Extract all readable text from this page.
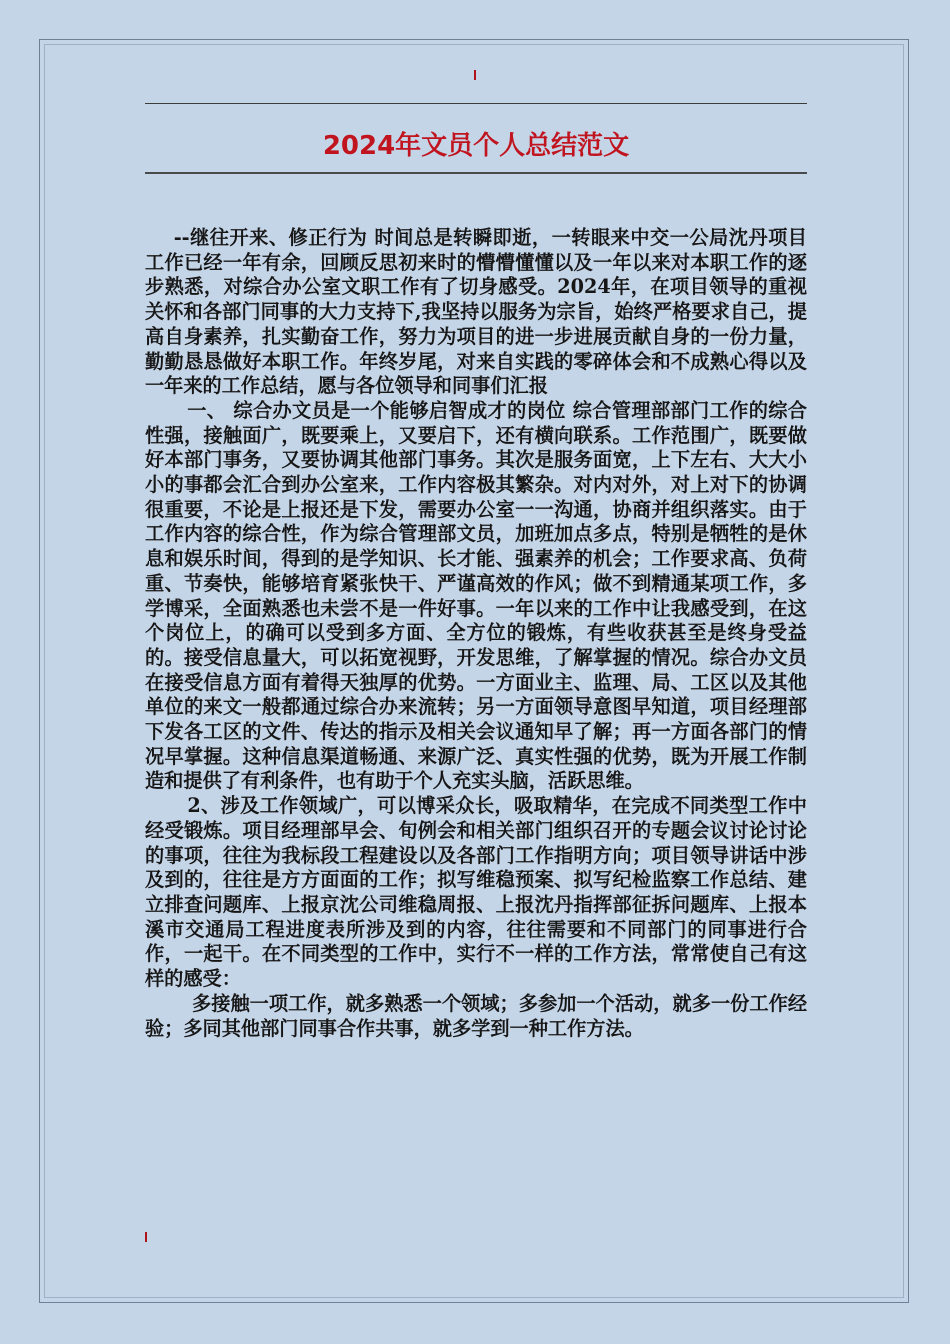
2024年文员个人总结范文

--继往开来、修正行为 时间总是转瞬即逝，一转眼来中交一公局沈丹项目工作已经一年有余，回顾反思初来时的懵懵懂懂以及一年以来对本职工作的逐步熟悉，对综合办公室文职工作有了切身感受。2024年，在项目领导的重视关怀和各部门同事的大力支持下,我坚持以服务为宗旨，始终严格要求自己，提高自身素养，扎实勤奋工作，努力为项目的进一步进展贡献自身的一份力量，勤勤恳恳做好本职工作。年终岁尾，对来自实践的零碎体会和不成熟心得以及一年来的工作总结，愿与各位领导和同事们汇报

一、 综合办文员是一个能够启智成才的岗位 综合管理部部门工作的综合性强，接触面广，既要乘上，又要启下，还有横向联系。工作范围广，既要做好本部门事务，又要协调其他部门事务。其次是服务面宽，上下左右、大大小小的事都会汇合到办公室来，工作内容极其繁杂。对内对外，对上对下的协调很重要，不论是上报还是下发，需要办公室一一沟通，协商并组织落实。由于工作内容的综合性，作为综合管理部文员，加班加点多点，特别是牺牲的是休息和娱乐时间，得到的是学知识、长才能、强素养的机会；工作要求高、负荷重、节奏快，能够培育紧张快干、严谨高效的作风；做不到精通某项工作，多学博采，全面熟悉也未尝不是一件好事。一年以来的工作中让我感受到，在这个岗位上，的确可以受到多方面、全方位的锻炼，有些收获甚至是终身受益的。接受信息量大，可以拓宽视野，开发思维，了解掌握的情况。综合办文员在接受信息方面有着得天独厚的优势。一方面业主、监理、局、工区以及其他单位的来文一般都通过综合办来流转；另一方面领导意图早知道，项目经理部下发各工区的文件、传达的指示及相关会议通知早了解；再一方面各部门的情况早掌握。这种信息渠道畅通、来源广泛、真实性强的优势，既为开展工作制造和提供了有利条件，也有助于个人充实头脑，活跃思维。

2、涉及工作领域广，可以博采众长，吸取精华，在完成不同类型工作中经受锻炼。项目经理部早会、旬例会和相关部门组织召开的专题会议讨论讨论的事项，往往为我标段工程建设以及各部门工作指明方向；项目领导讲话中涉及到的，往往是方方面面的工作；拟写维稳预案、拟写纪检监察工作总结、建立排查问题库、上报京沈公司维稳周报、上报沈丹指挥部征拆问题库、上报本溪市交通局工程进度表所涉及到的内容，往往需要和不同部门的同事进行合作，一起干。在不同类型的工作中，实行不一样的工作方法，常常使自己有这样的感受：

多接触一项工作，就多熟悉一个领域；多参加一个活动，就多一份工作经验；多同其他部门同事合作共事，就多学到一种工作方法。
